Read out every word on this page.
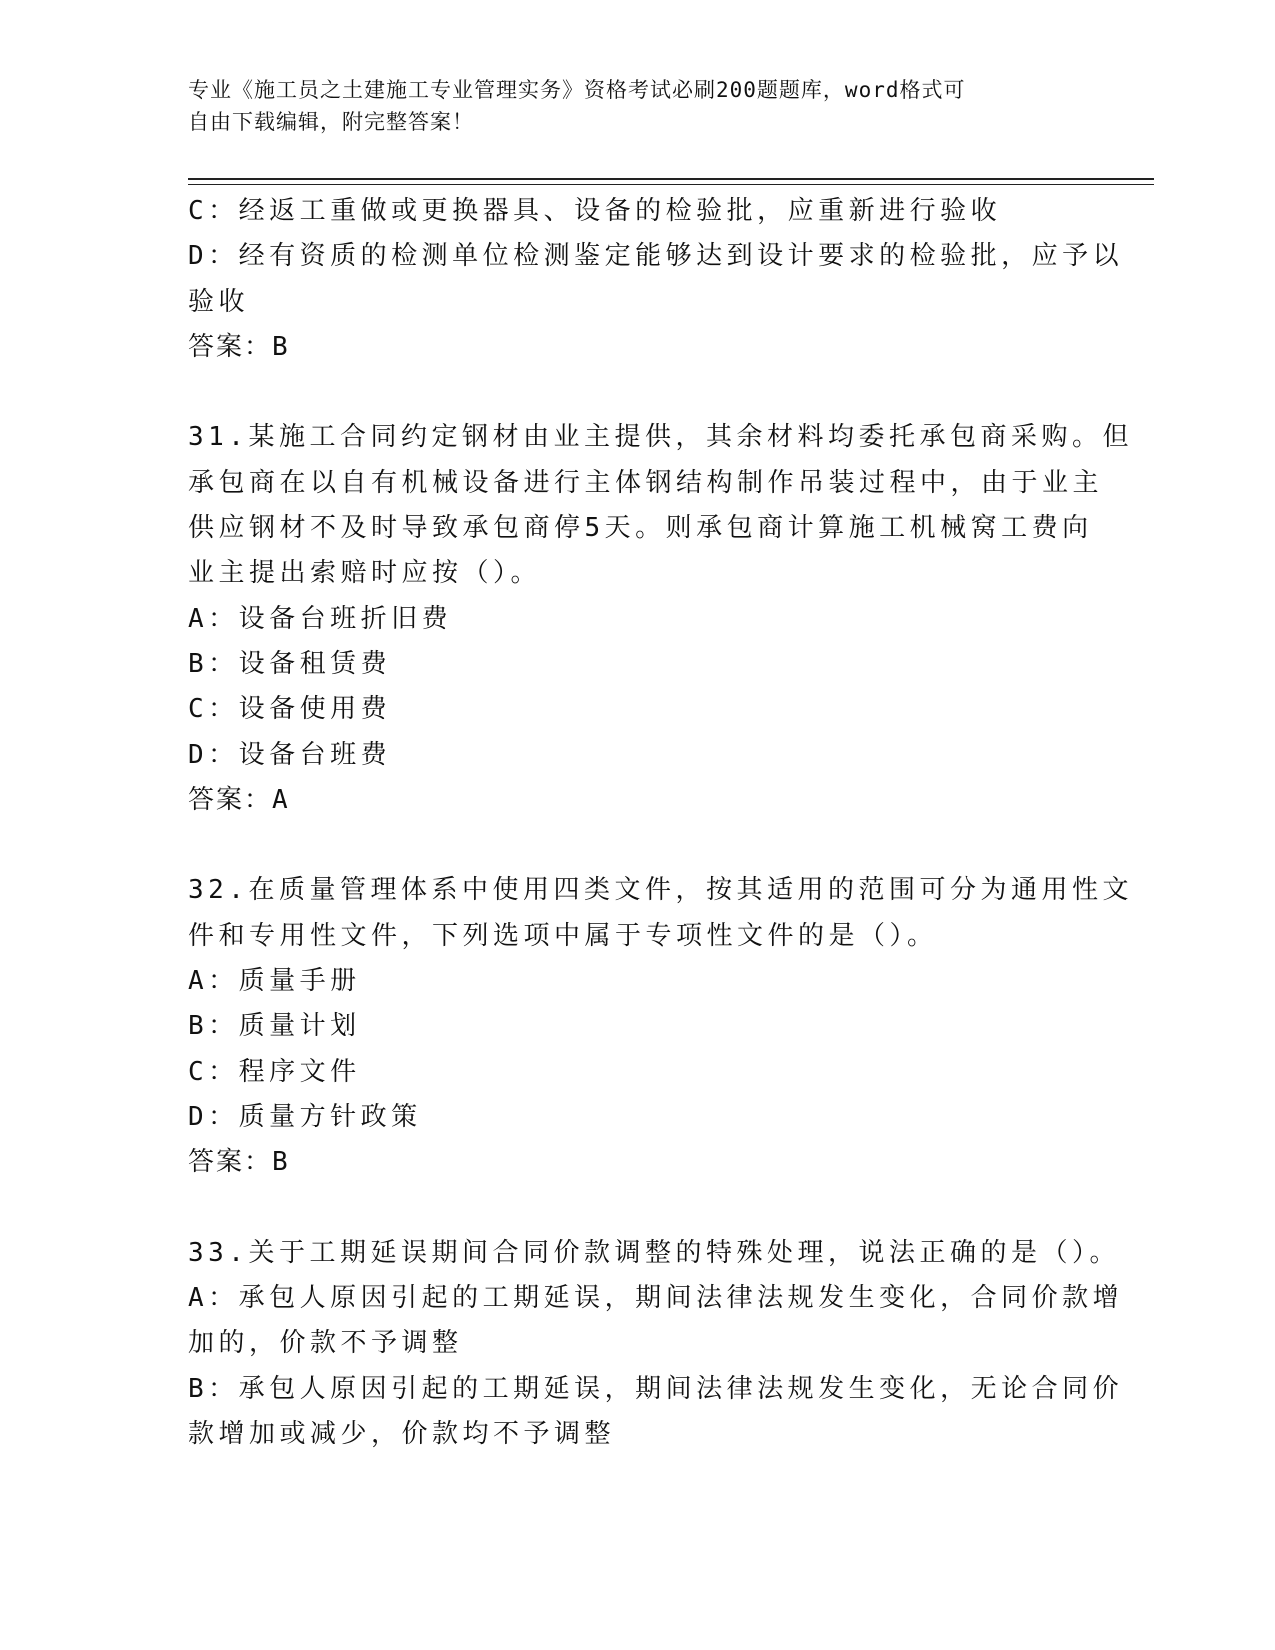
专业《施工员之土建施工专业管理实务》资格考试必刷200题题库，word格式可
自由下载编辑，附完整答案！
C：经返工重做或更换器具、设备的检验批，应重新进行验收
D：经有资质的检测单位检测鉴定能够达到设计要求的检验批，应予以
验收
答案：B
31.某施工合同约定钢材由业主提供，其余材料均委托承包商采购。但
承包商在以自有机械设备进行主体钢结构制作吊装过程中，由于业主
供应钢材不及时导致承包商停5天。则承包商计算施工机械窝工费向
业主提出索赔时应按（）。
A：设备台班折旧费
B：设备租赁费
C：设备使用费
D：设备台班费
答案：A
32.在质量管理体系中使用四类文件，按其适用的范围可分为通用性文
件和专用性文件，下列选项中属于专项性文件的是（）。
A：质量手册
B：质量计划
C：程序文件
D：质量方针政策
答案：B
33.关于工期延误期间合同价款调整的特殊处理，说法正确的是（）。
A：承包人原因引起的工期延误，期间法律法规发生变化，合同价款增
加的，价款不予调整
B：承包人原因引起的工期延误，期间法律法规发生变化，无论合同价
款增加或减少，价款均不予调整
